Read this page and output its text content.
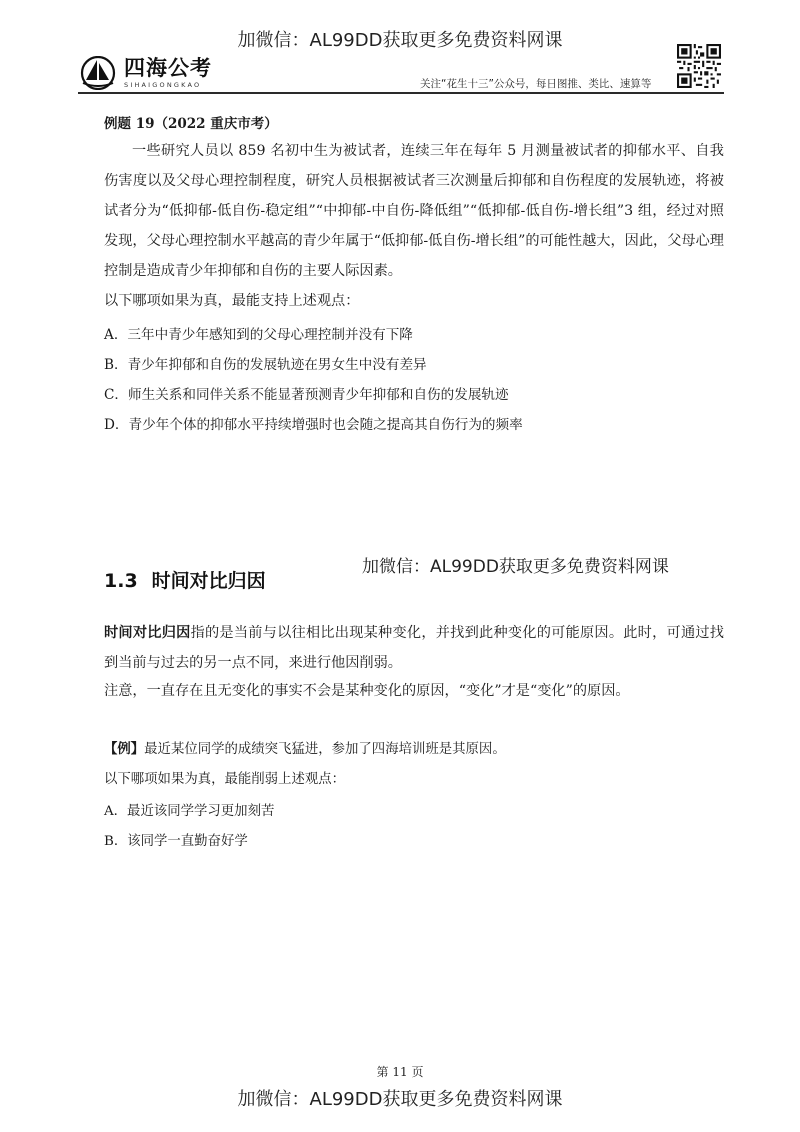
加微信：AL99DD获取更多免费资料网课
四海公考
SIHAIGONGKAO	关注“花生十三”公众号，每日图推、类比、速算等
例题 19（2022 重庆市考）
一些研究人员以 859 名初中生为被试者，连续三年在每年 5 月测量被试者的抑郁水平、自我伤害度以及父母心理控制程度，研究人员根据被试者三次测量后抑郁和自伤程度的发展轨迹，将被试者分为“低抑郁-低自伤-稳定组”“中抑郁-中自伤-降低组”“低抑郁-低自伤-增长组”3 组，经过对照发现，父母心理控制水平越高的青少年属于“低抑郁-低自伤-增长组”的可能性越大，因此，父母心理控制是造成青少年抑郁和自伤的主要人际因素。
以下哪项如果为真，最能支持上述观点：
A．三年中青少年感知到的父母心理控制并没有下降
B．青少年抑郁和自伤的发展轨迹在男女生中没有差异
C．师生关系和同伴关系不能显著预测青少年抑郁和自伤的发展轨迹
D．青少年个体的抑郁水平持续增强时也会随之提高其自伤行为的频率
加微信：AL99DD获取更多免费资料网课
1.3 时间对比归因
时间对比归因指的是当前与以往相比出现某种变化，并找到此种变化的可能原因。此时，可通过找到当前与过去的另一点不同，来进行他因削弱。
注意，一直存在且无变化的事实不会是某种变化的原因，“变化”才是“变化”的原因。
【例】最近某位同学的成绩突飞猛进，参加了四海培训班是其原因。
以下哪项如果为真，最能削弱上述观点：
A．最近该同学学习更加刻苦
B．该同学一直勤奋好学
第 11 页
加微信：AL99DD获取更多免费资料网课
